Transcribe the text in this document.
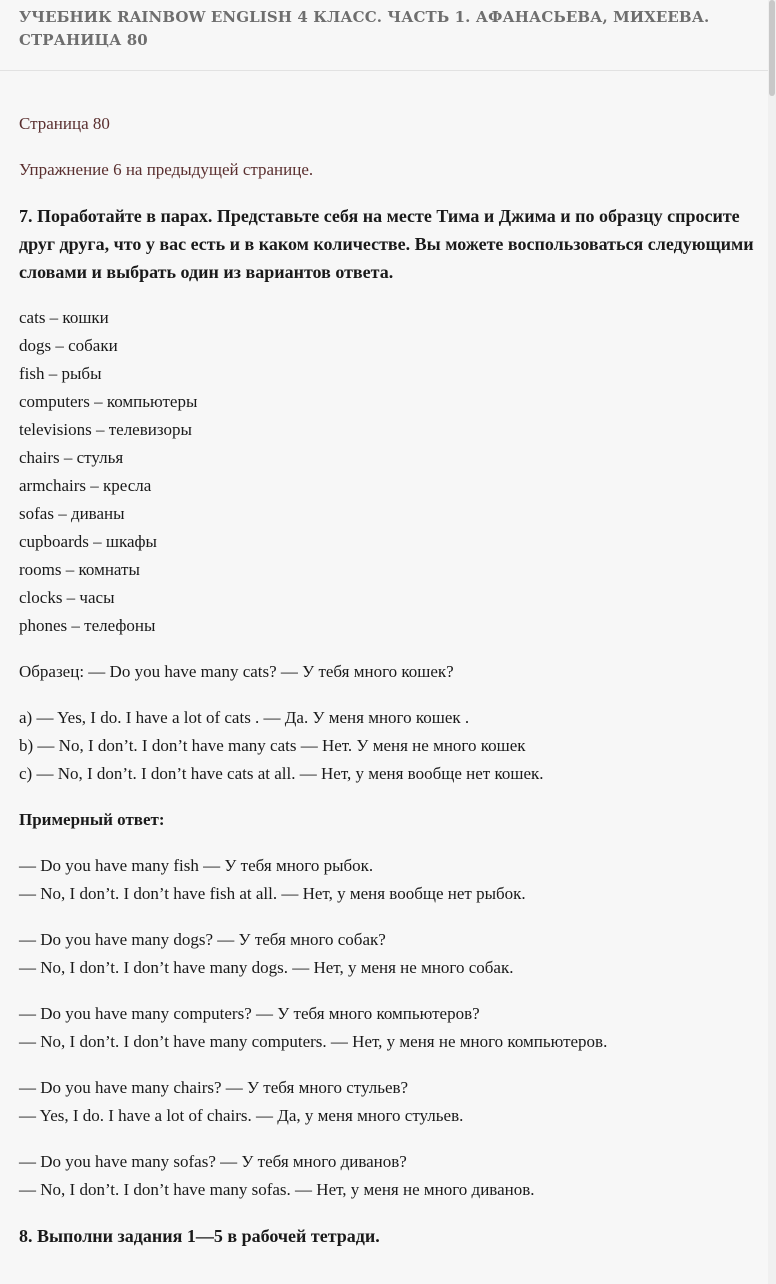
УЧЕБНИК RAINBOW ENGLISH 4 КЛАСС. ЧАСТЬ 1. АФАНАСЬЕВА, МИХЕЕВА. СТРАНИЦА 80

Страница 80

Упражнение 6 на предыдущей странице.

7. Поработайте в парах. Представьте себя на месте Тима и Джима и по образцу спросите друг друга, что у вас есть и в каком количестве. Вы можете воспользоваться следующими словами и выбрать один из вариантов ответа.

cats – кошки
dogs – собаки
fish – рыбы
computers – компьютеры
televisions – телевизоры
chairs – стулья
armchairs – кресла
sofas – диваны
cupboards – шкафы
rooms – комнаты
clocks – часы
phones – телефоны

Образец: — Do you have many cats? — У тебя много кошек?

a) — Yes, I do. I have a lot of cats . — Да. У меня много кошек .

b) — No, I don’t. I don’t have many cats — Нет. У меня не много кошек

c) — No, I don’t. I don’t have cats at all. — Нет, у меня вообще нет кошек.

Примерный ответ:

— Do you have many fish — У тебя много рыбок.

— No, I don’t. I don’t have fish at all. — Нет, у меня вообще нет рыбок.

— Do you have many dogs? — У тебя много собак?

— No, I don’t. I don’t have many dogs. — Нет, у меня не много собак.

— Do you have many computers? — У тебя много компьютеров?

— No, I don’t. I don’t have many computers. — Нет, у меня не много компьютеров.

— Do you have many chairs? — У тебя много стульев?

— Yes, I do. I have a lot of chairs. — Да, у меня много стульев.

— Do you have many sofas? — У тебя много диванов?

— No, I don’t. I don’t have many sofas. — Нет, у меня не много диванов.

8. Выполни задания 1—5 в рабочей тетради.
